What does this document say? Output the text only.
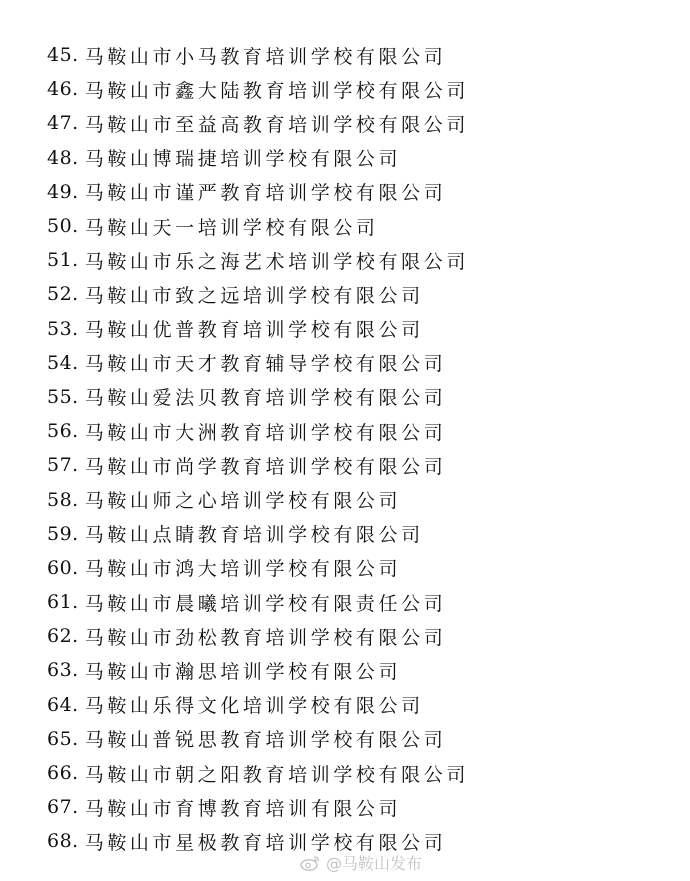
45. 马鞍山市小马教育培训学校有限公司
46. 马鞍山市鑫大陆教育培训学校有限公司
47. 马鞍山市至益高教育培训学校有限公司
48. 马鞍山博瑞捷培训学校有限公司
49. 马鞍山市谨严教育培训学校有限公司
50. 马鞍山天一培训学校有限公司
51. 马鞍山市乐之海艺术培训学校有限公司
52. 马鞍山市致之远培训学校有限公司
53. 马鞍山优普教育培训学校有限公司
54. 马鞍山市天才教育辅导学校有限公司
55. 马鞍山爱法贝教育培训学校有限公司
56. 马鞍山市大洲教育培训学校有限公司
57. 马鞍山市尚学教育培训学校有限公司
58. 马鞍山师之心培训学校有限公司
59. 马鞍山点睛教育培训学校有限公司
60. 马鞍山市鸿大培训学校有限公司
61. 马鞍山市晨曦培训学校有限责任公司
62. 马鞍山市劲松教育培训学校有限公司
63. 马鞍山市瀚思培训学校有限公司
64. 马鞍山乐得文化培训学校有限公司
65. 马鞍山普锐思教育培训学校有限公司
66. 马鞍山市朝之阳教育培训学校有限公司
67. 马鞍山市育博教育培训有限公司
68. 马鞍山市星极教育培训学校有限公司
@马鞍山发布
